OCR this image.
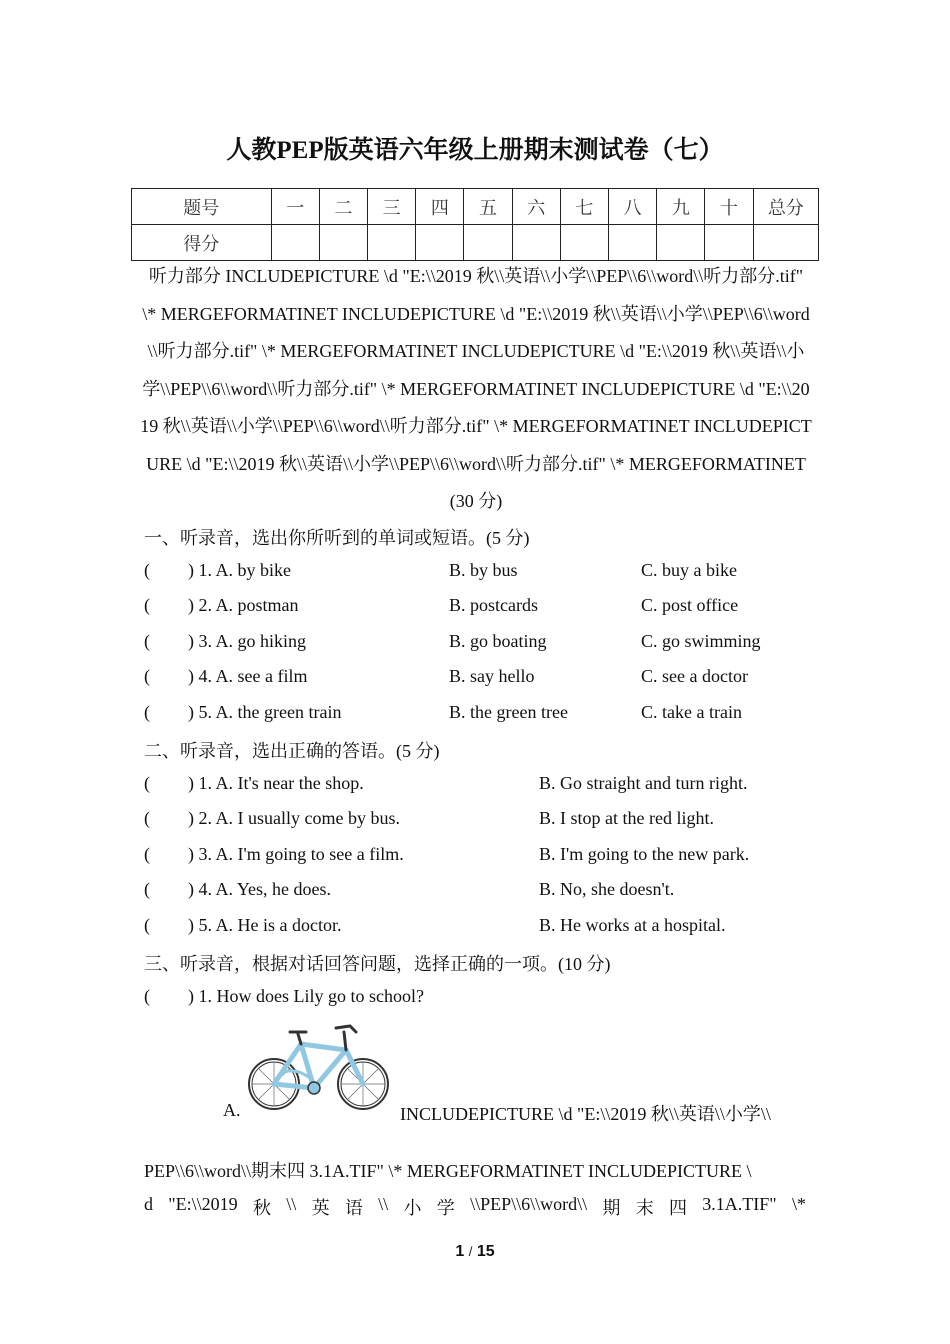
人教PEP版英语六年级上册期末测试卷（七）
题号	一	二	三	四	五	六	七	八	九	十	总分
得分											
听力部分 INCLUDEPICTURE \d "E:\\2019 秋\\英语\\小学\\PEP\\6\\word\\听力部分.tif" \* MERGEFORMATINET INCLUDEPICTURE \d "E:\\2019 秋\\英语\\小学\\PEP\\6\\word\\听力部分.tif" \* MERGEFORMATINET INCLUDEPICTURE \d "E:\\2019 秋\\英语\\小学\\PEP\\6\\word\\听力部分.tif" \* MERGEFORMATINET INCLUDEPICTURE \d "E:\\2019 秋\\英语\\小学\\PEP\\6\\word\\听力部分.tif" \* MERGEFORMATINET INCLUDEPICTURE \d "E:\\2019 秋\\英语\\小学\\PEP\\6\\word\\听力部分.tif" \* MERGEFORMATINET (30 分)
一、听录音，选出你所听到的单词或短语。(5 分)
( ) 1. A. by bike	B. by bus	C. buy a bike
( ) 2. A. postman	B. postcards	C. post office
( ) 3. A. go hiking	B. go boating	C. go swimming
( ) 4. A. see a film	B. say hello	C. see a doctor
( ) 5. A. the green train	B. the green tree	C. take a train
二、听录音，选出正确的答语。(5 分)
( ) 1. A. It's near the shop.	B. Go straight and turn right.
( ) 2. A. I usually come by bus.	B. I stop at the red light.
( ) 3. A. I'm going to see a film.	B. I'm going to the new park.
( ) 4. A. Yes, he does.	B. No, she doesn't.
( ) 5. A. He is a doctor.	B. He works at a hospital.
三、听录音，根据对话回答问题，选择正确的一项。(10 分)
( ) 1. How does Lily go to school?
A.	INCLUDEPICTURE \d "E:\\2019 秋\\英语\\小学\\
PEP\\6\\word\\期末四 3.1A.TIF" \* MERGEFORMATINET INCLUDEPICTURE \
d "E:\\2019 秋 \\ 英 语 \\ 小 学 \\PEP\\6\\word\\ 期 末 四 3.1A.TIF" \*
1 / 15
